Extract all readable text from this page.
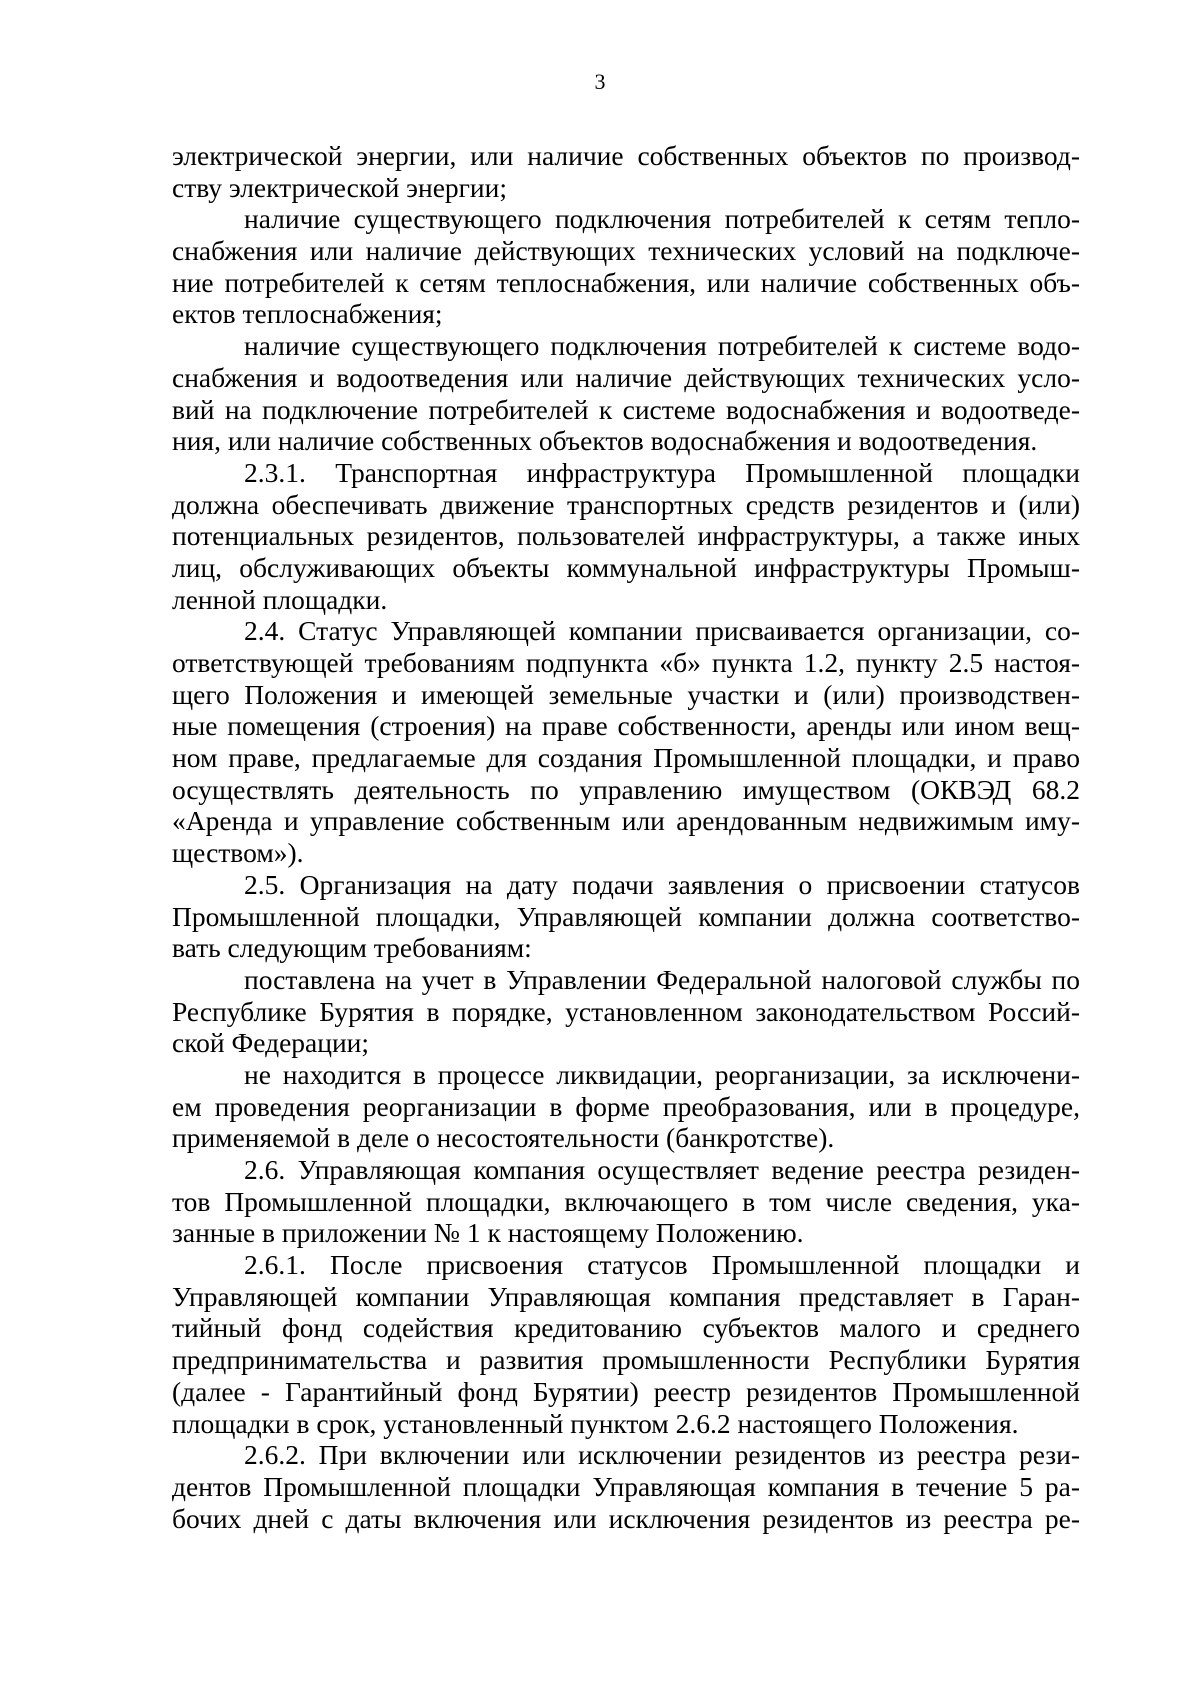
3
электрической энергии, или наличие собственных объектов по производ-
ству электрической энергии;
наличие существующего подключения потребителей к сетям тепло-
снабжения или наличие действующих технических условий на подключе-
ние потребителей к сетям теплоснабжения, или наличие собственных объ-
ектов теплоснабжения;
наличие существующего подключения потребителей к системе водо-
снабжения и водоотведения или наличие действующих технических усло-
вий на подключение потребителей к системе водоснабжения и водоотведе-
ния, или наличие собственных объектов водоснабжения и водоотведения.
2.3.1. Транспортная инфраструктура Промышленной площадки
должна обеспечивать движение транспортных средств резидентов и (или)
потенциальных резидентов, пользователей инфраструктуры, а также иных
лиц, обслуживающих объекты коммунальной инфраструктуры Промыш-
ленной площадки.
2.4. Статус Управляющей компании присваивается организации, со-
ответствующей требованиям подпункта «б» пункта 1.2, пункту 2.5 настоя-
щего Положения и имеющей земельные участки и (или) производствен-
ные помещения (строения) на праве собственности, аренды или ином вещ-
ном праве, предлагаемые для создания Промышленной площадки, и право
осуществлять деятельность по управлению имуществом (ОКВЭД 68.2
«Аренда и управление собственным или арендованным недвижимым иму-
ществом»).
2.5. Организация на дату подачи заявления о присвоении статусов
Промышленной площадки, Управляющей компании должна соответство-
вать следующим требованиям:
поставлена на учет в Управлении Федеральной налоговой службы по
Республике Бурятия в порядке, установленном законодательством Россий-
ской Федерации;
не находится в процессе ликвидации, реорганизации, за исключени-
ем проведения реорганизации в форме преобразования, или в процедуре,
применяемой в деле о несостоятельности (банкротстве).
2.6. Управляющая компания осуществляет ведение реестра резиден-
тов Промышленной площадки, включающего в том числе сведения, ука-
занные в приложении № 1 к настоящему Положению.
2.6.1. После присвоения статусов Промышленной площадки и
Управляющей компании Управляющая компания представляет в Гаран-
тийный фонд содействия кредитованию субъектов малого и среднего
предпринимательства и развития промышленности Республики Бурятия
(далее - Гарантийный фонд Бурятии) реестр резидентов Промышленной
площадки в срок, установленный пунктом 2.6.2 настоящего Положения.
2.6.2. При включении или исключении резидентов из реестра рези-
дентов Промышленной площадки Управляющая компания в течение 5 ра-
бочих дней с даты включения или исключения резидентов из реестра ре-
